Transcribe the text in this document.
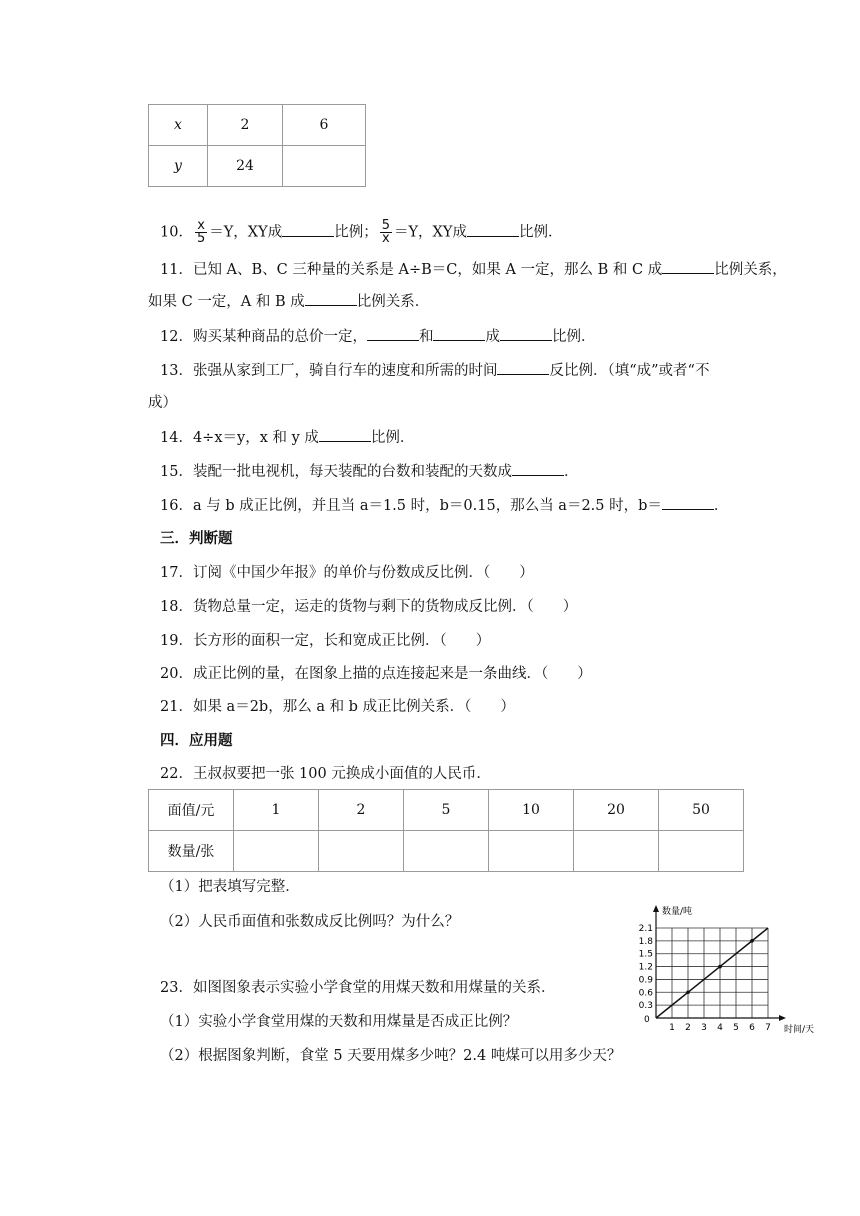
x	2	6
y	24	
10． $\frac{x}{5} =Y$，XY成	比例； $\frac{5}{x} =Y$，XY成	比例．
11．已知 A、B、C 三种量的关系是 A÷B＝C，如果 A 一定，那么 B 和 C 成	比例关系，
如果 C 一定，A 和 B 成	比例关系．
12．购买某种商品的总价一定，	和	成	比例．
13．张强从家到工厂，骑自行车的速度和所需的时间	反比例．（填“成”或者“不
成）
14．4÷x＝y，x 和 y 成	比例．
15．装配一批电视机，每天装配的台数和装配的天数成	．
16．a 与 b 成正比例，并且当 a＝1.5 时，b＝0.15，那么当 a＝2.5 时，b＝	．
三．判断题
17．订阅《中国少年报》的单价与份数成反比例．（　　）
18．货物总量一定，运走的货物与剩下的货物成反比例．（　　）
19．长方形的面积一定，长和宽成正比例．（　　）
20．成正比例的量，在图象上描的点连接起来是一条曲线．（　　）
21．如果 a＝2b，那么 a 和 b 成正比例关系．（　　）
四．应用题
22．王叔叔要把一张 100 元换成小面值的人民币．
面值/元	1	2	5	10	20	50
数量/张						
（1）把表填写完整．
（2）人民币面值和张数成反比例吗？为什么？
23．如图图象表示实验小学食堂的用煤天数和用煤量的关系．
（1）实验小学食堂用煤的天数和用煤量是否成正比例？
（2）根据图象判断，食堂 5 天要用煤多少吨？2.4 吨煤可以用多少天？
0.3
0.6
0.9
1.2
1.5
1.8
2.1
1 2 3 4 5 6 7
数量/吨
时间/天
0
